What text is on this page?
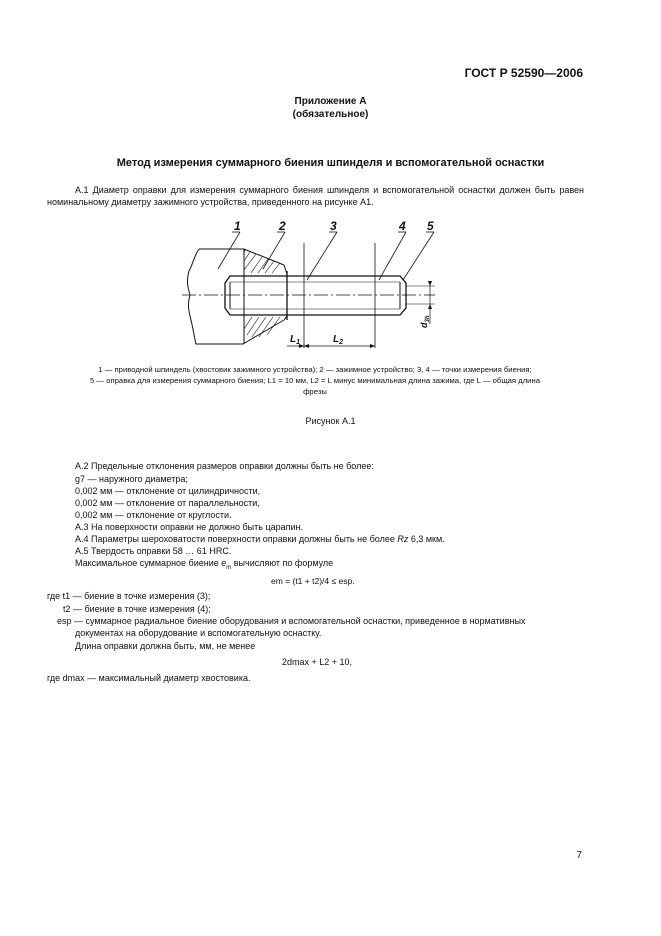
ГОСТ Р 52590—2006
Приложение А
(обязательное)
Метод измерения суммарного биения шпинделя и вспомогательной оснастки
А.1 Диаметр оправки для измерения суммарного биения шпинделя и вспомогательной оснастки должен быть равен номинальному диаметру зажимного устройства, приведенного на рисунке А1.
1	2	3	4 5
$L_1$	$L_2$
$d_{3h}$
1 — приводной шпиндель (хвостовик зажимного устройства); 2 — зажимное устройство; 3, 4 — точки измерения биения;
5 — оправка для измерения суммарного биения; L1 = 10 мм, L2 = L минус минимальная длина зажима, где L — общая длина
фрезы
Рисунок А.1
А.2 Предельные отклонения размеров оправки должны быть не более:
g7 — наружного диаметра;
0,002 мм — отклонение от цилиндричности,
0,002 мм — отклонение от параллельности,
0,002 мм — отклонение от круглости.
А.3 На поверхности оправки не должно быть царапин.
А.4 Параметры шероховатости поверхности оправки должны быть не более Rz 6,3 мкм.
А.5 Твердость оправки 58 … 61 HRC.
Максимальное суммарное биение $e_m$ вычисляют по формуле
em = (t1 + t2)/4 ≤ esp.
где t1 — биение в точке измерения (3);
t2 — биение в точке измерения (4);
esp — суммарное радиальное биение оборудования и вспомогательной оснастки, приведенное в нормативных
документах на оборудование и вспомогательную оснастку.
Длина оправки должна быть, мм, не менее
2dmax + L2 + 10,
где dmax — максимальный диаметр хвостовика.
7
